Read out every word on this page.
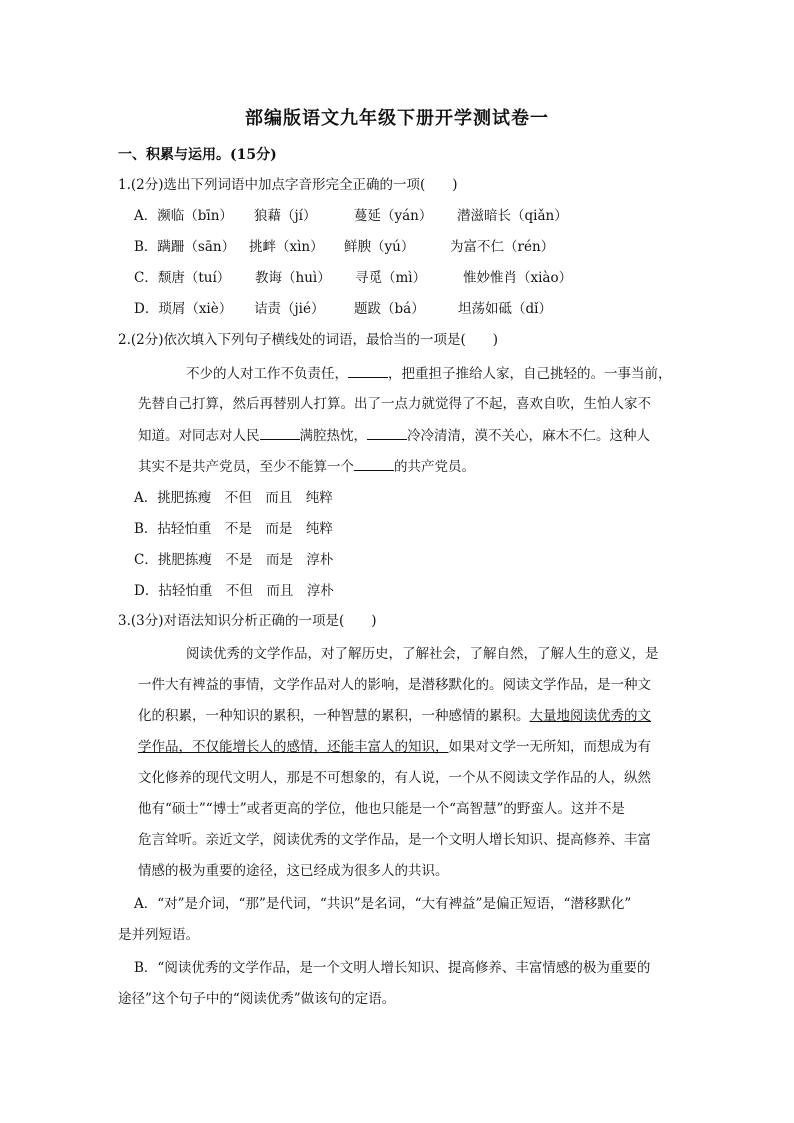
部编版语文九年级下册开学测试卷一
一、积累与运用。(15分)
1.(2分)选出下列词语中加点字音形完全正确的一项(　　)
A．濒临（bīn） 狼藉（jí）	蔓延（yán） 潜滋暗长（qiǎn）
B．蹒跚（sān） 挑衅（xìn） 鲜腴（yú）	为富不仁（rén）
C．颓唐（tuí） 教诲（huì） 寻觅（mì）	惟妙惟肖（xiào）
D．琐屑（xiè） 诘责（jié） 题跋（bá） 坦荡如砥（dǐ）
2.(2分)依次填入下列句子横线处的词语，最恰当的一项是(　　)
不少的人对工作不负责任，	，把重担子推给人家，自己挑轻的。一事当前，
先替自己打算，然后再替别人打算。出了一点力就觉得了不起，喜欢自吹，生怕人家不
知道。对同志对人民	满腔热忱，	冷冷清清，漠不关心，麻木不仁。这种人
其实不是共产党员，至少不能算一个	的共产党员。
A．挑肥拣瘦　不但　而且　纯粹
B．拈轻怕重　不是　而是　纯粹
C．挑肥拣瘦　不是　而是　淳朴
D．拈轻怕重　不但　而且　淳朴
3.(3分)对语法知识分析正确的一项是(　　)
阅读优秀的文学作品，对了解历史，了解社会，了解自然，了解人生的意义，是
一件大有裨益的事情，文学作品对人的影响，是潜移默化的。阅读文学作品，是一种文
化的积累，一种知识的累积，一种智慧的累积，一种感情的累积。大量地阅读优秀的文
学作品，不仅能增长人的感情，还能丰富人的知识，如果对文学一无所知，而想成为有
文化修养的现代文明人，那是不可想象的，有人说，一个从不阅读文学作品的人，纵然
他有“硕士”“博士”或者更高的学位，他也只能是一个“高智慧”的野蛮人。这并不是
危言耸听。亲近文学，阅读优秀的文学作品，是一个文明人增长知识、提高修养、丰富
情感的极为重要的途径，这已经成为很多人的共识。
A．“对”是介词，“那”是代词，“共识”是名词，“大有裨益”是偏正短语，“潜移默化”
是并列短语。
B．“阅读优秀的文学作品，是一个文明人增长知识、提高修养、丰富情感的极为重要的
途径”这个句子中的“阅读优秀”做该句的定语。
